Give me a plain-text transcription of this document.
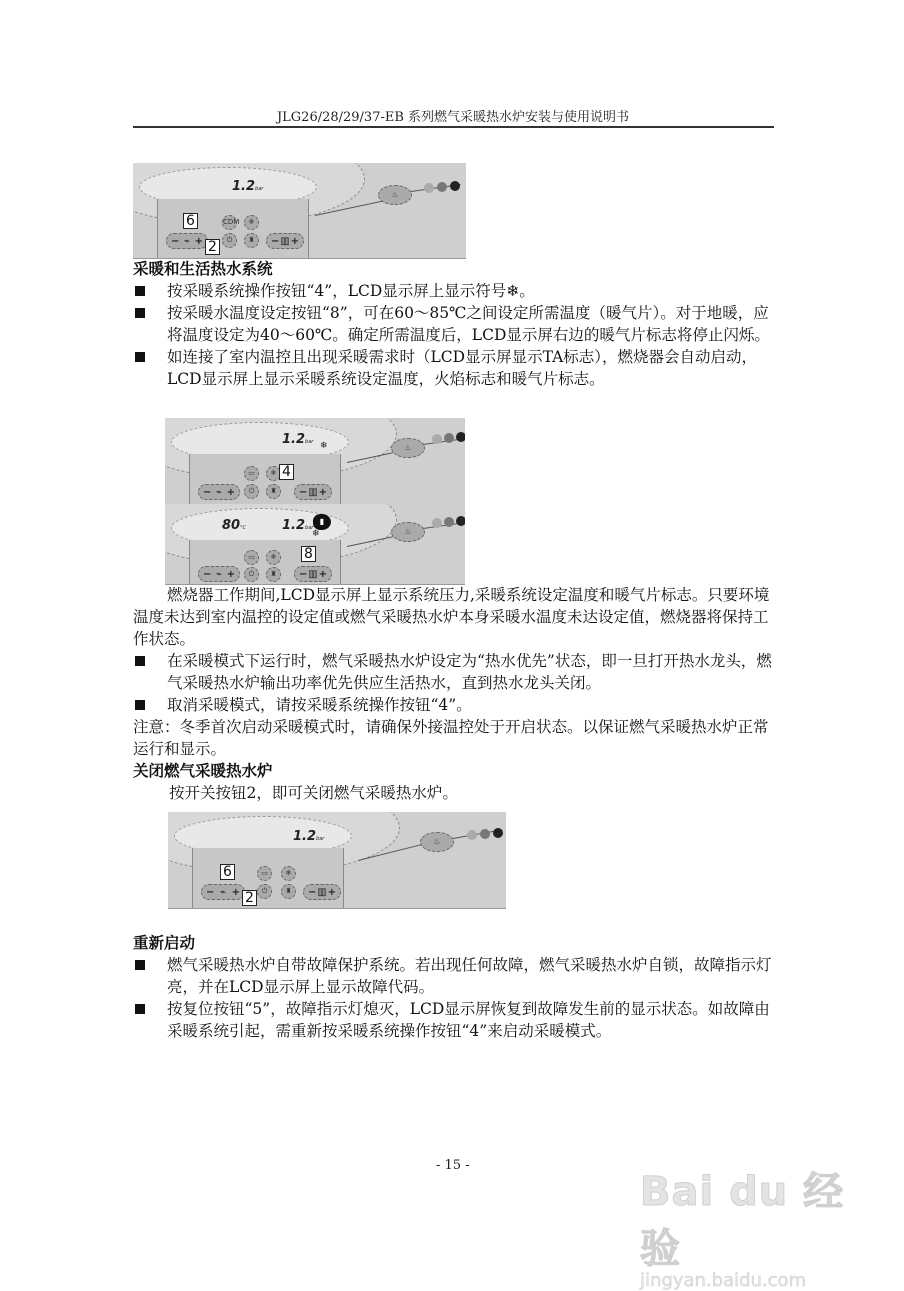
JLG26/28/29/37-EB 系列燃气采暖热水炉安装与使用说明书
1.2bar
− ⌁ +
CDM
⏻
❄
♜	− ▥ +
6
2
♨
采暖和生活热水系统
按采暖系统操作按钮“4”，LCD显示屏上显示符号❄。
按采暖水温度设定按钮“8”，可在60～85℃之间设定所需温度（暖气片）。对于地暖，应将温度设定为40～60℃。确定所需温度后，LCD显示屏右边的暖气片标志将停止闪烁。
如连接了室内温控且出现采暖需求时（LCD显示屏显示TA标志），燃烧器会自动启动，LCD显示屏上显示采暖系统设定温度，火焰标志和暖气片标志。
1.2bar ❄
− ⌁ +
▭
⏻
❄
♜	− ▥ +
4
♨
80°C	1.2bar
❄
▮
− ⌁ +
▭
⏻
❄
♜	− ▥ +
8
♨
燃烧器工作期间,LCD显示屏上显示系统压力,采暖系统设定温度和暖气片标志。只要环境温度未达到室内温控的设定值或燃气采暖热水炉本身采暖水温度未达设定值，燃烧器将保持工作状态。
在采暖模式下运行时，燃气采暖热水炉设定为“热水优先”状态，即一旦打开热水龙头，燃气采暖热水炉输出功率优先供应生活热水，直到热水龙头关闭。
取消采暖模式，请按采暖系统操作按钮“4”。
注意：冬季首次启动采暖模式时，请确保外接温控处于开启状态。以保证燃气采暖热水炉正常运行和显示。
关闭燃气采暖热水炉
按开关按钮2，即可关闭燃气采暖热水炉。
1.2bar
− ⌁ +
▭
⏻
❄
♜	− ▥ +
6
2
♨
重新启动
燃气采暖热水炉自带故障保护系统。若出现任何故障，燃气采暖热水炉自锁，故障指示灯亮，并在LCD显示屏上显示故障代码。
按复位按钮“5”，故障指示灯熄灭，LCD显示屏恢复到故障发生前的显示状态。如故障由采暖系统引起，需重新按采暖系统操作按钮“4”来启动采暖模式。
- 15 -
Bai du 经验
jingyan.baidu.com
